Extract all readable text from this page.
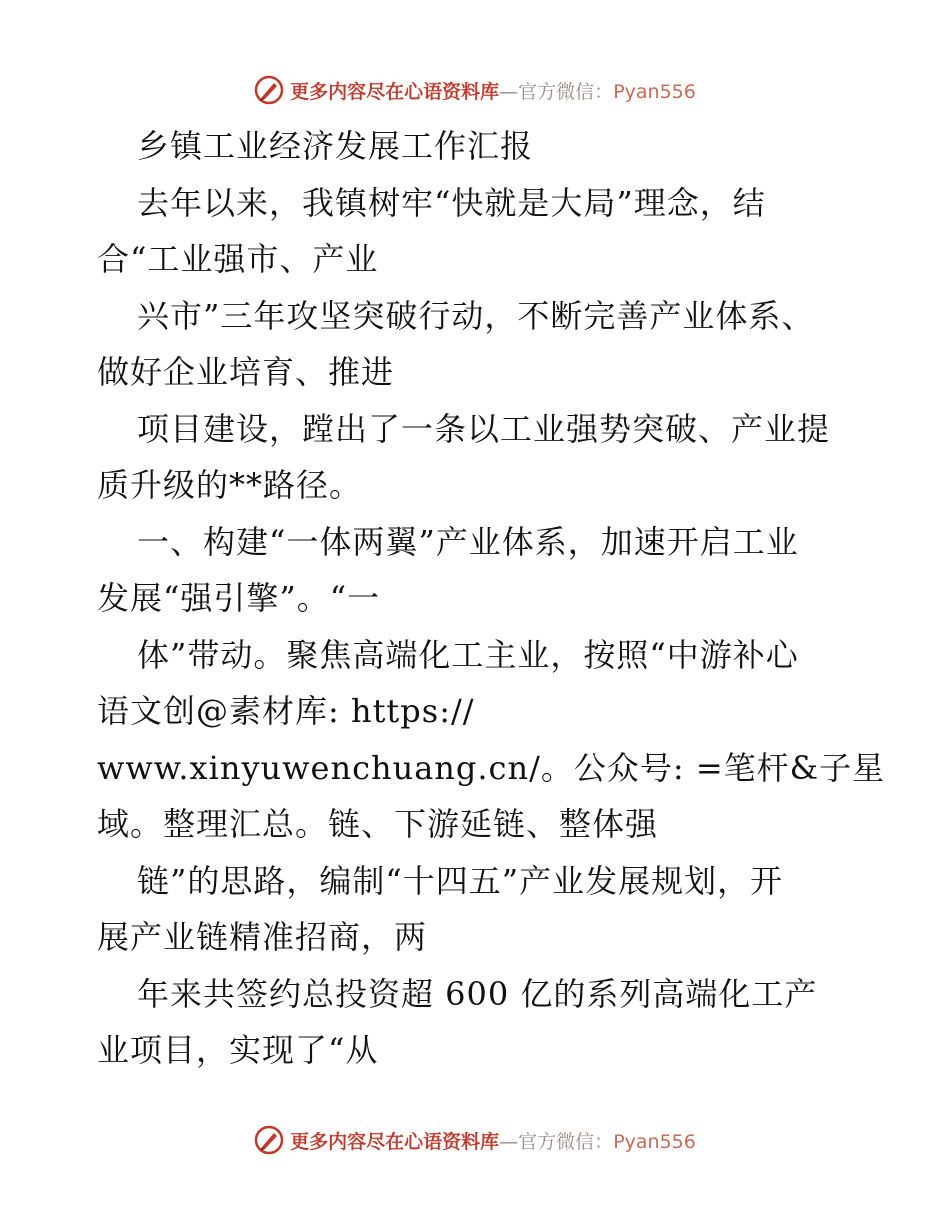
更多内容尽在心语资料库—官方微信：Pyan556
乡镇工业经济发展工作汇报
去年以来，我镇树牢“快就是大局”理念，结
合“工业强市、产业
兴市”三年攻坚突破行动，不断完善产业体系、
做好企业培育、推进
项目建设，蹚出了一条以工业强势突破、产业提
质升级的**路径。
一、构建“一体两翼”产业体系，加速开启工业
发展“强引擎”。“一
体”带动。聚焦高端化工主业，按照“中游补心
语文创@素材库: https://
www.xinyuwenchuang.cn/。公众号: =笔杆&子星
域。整理汇总。链、下游延链、整体强
链”的思路，编制“十四五”产业发展规划，开
展产业链精准招商，两
年来共签约总投资超 600 亿的系列高端化工产
业项目，实现了“从
更多内容尽在心语资料库—官方微信：Pyan556
